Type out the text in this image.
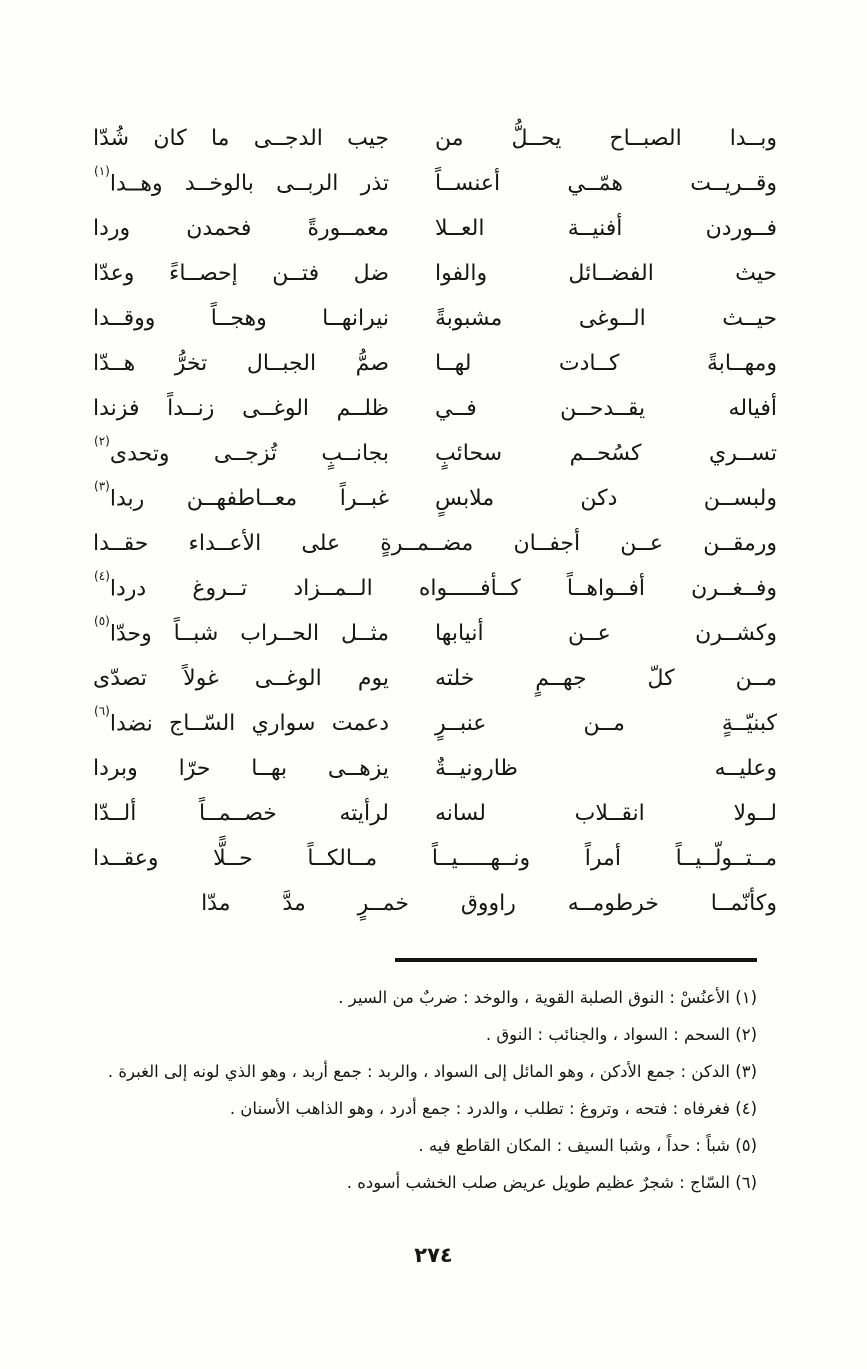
وبــدا
الصبــاح
يحــلُّ
من
جيب
الدجــى
ما
كان
شُدّا
وقــريــت
همّــي
أعنســاً
تذر
الربــى
بالوخــد
وهــدا$^{(١)}$
فــوردن
أفنيــة
العــلا
معمــورةً
فحمدن
وردا
حيث
الفضــائل
والفوا
ضل
فتــن
إحصــاءً
وعدّا
حيــث
الــوغى
مشبوبةً
نيرانهــا
وهجــاً
ووقــدا
ومهــابةً
كــادت
لهــا
صمُّ
الجبــال
تخرُّ
هــدّا
أفياله
يقــدحــن
فــي
ظلــم
الوغــى
زنــداً
فزندا
تســري
كسُحــم
سحائبٍ
بجانــبٍ
تُزجــى
وتحدى$^{(٢)}$
ولبســن
دكن
ملابسٍ
غبــراً
معــاطفهــن
ربدا$^{(٣)}$
ورمقــن
عــن
أجفــان
مضــمــرةٍ
على
الأعــداء
حقــدا
وفــغــرن
أفــواهــاً
كــأفـــــواه
الــمــزاد
تــروغ
دردا$^{(٤)}$
وكشــرن
عــن
أنيابها
مثــل
الحــراب
شبــاً
وحدّا$^{(٥)}$
مــن
كلّ
جهــمٍ
خلته
يوم
الوغــى
غولاً
تصدّى
كبنيّــةٍ
مــن
عنبــرٍ
دعمت
سواري
السّــاج
نضدا$^{(٦)}$
وعليــه
ظارونيــةٌ
يزهــى
بهــا
حرّا
وبردا
لــولا
انقــلاب
لسانه
لرأيته
خصــمــاً
ألــدّا
مــتــولّــيــاً
أمراً
ونــهـــــيــاً
مــالكــاً
حــلًّا
وعقــدا
وكأنّمــا
خرطومــه
راووق
خمــرٍ
مدَّ
مدّا
(١) الأعنُسْ : النوق الصلبة القوية ، والوخد : ضربٌ من السير .
(٢) السحم : السواد ، والجنائب : النوق .
(٣) الدكن : جمع الأدكن ، وهو المائل إلى السواد ، والربد : جمع أربد ، وهو الذي لونه إلى الغبرة .
(٤) فغرفاه : فتحه ، وتروغ : تطلب ، والدرد : جمع أدرد ، وهو الذاهب الأسنان .
(٥) شباً : حداً ، وشبا السيف : المكان القاطع فيه .
(٦) السّاج : شجرٌ عظيم طويل عريض صلب الخشب أسوده .
٢٧٤
